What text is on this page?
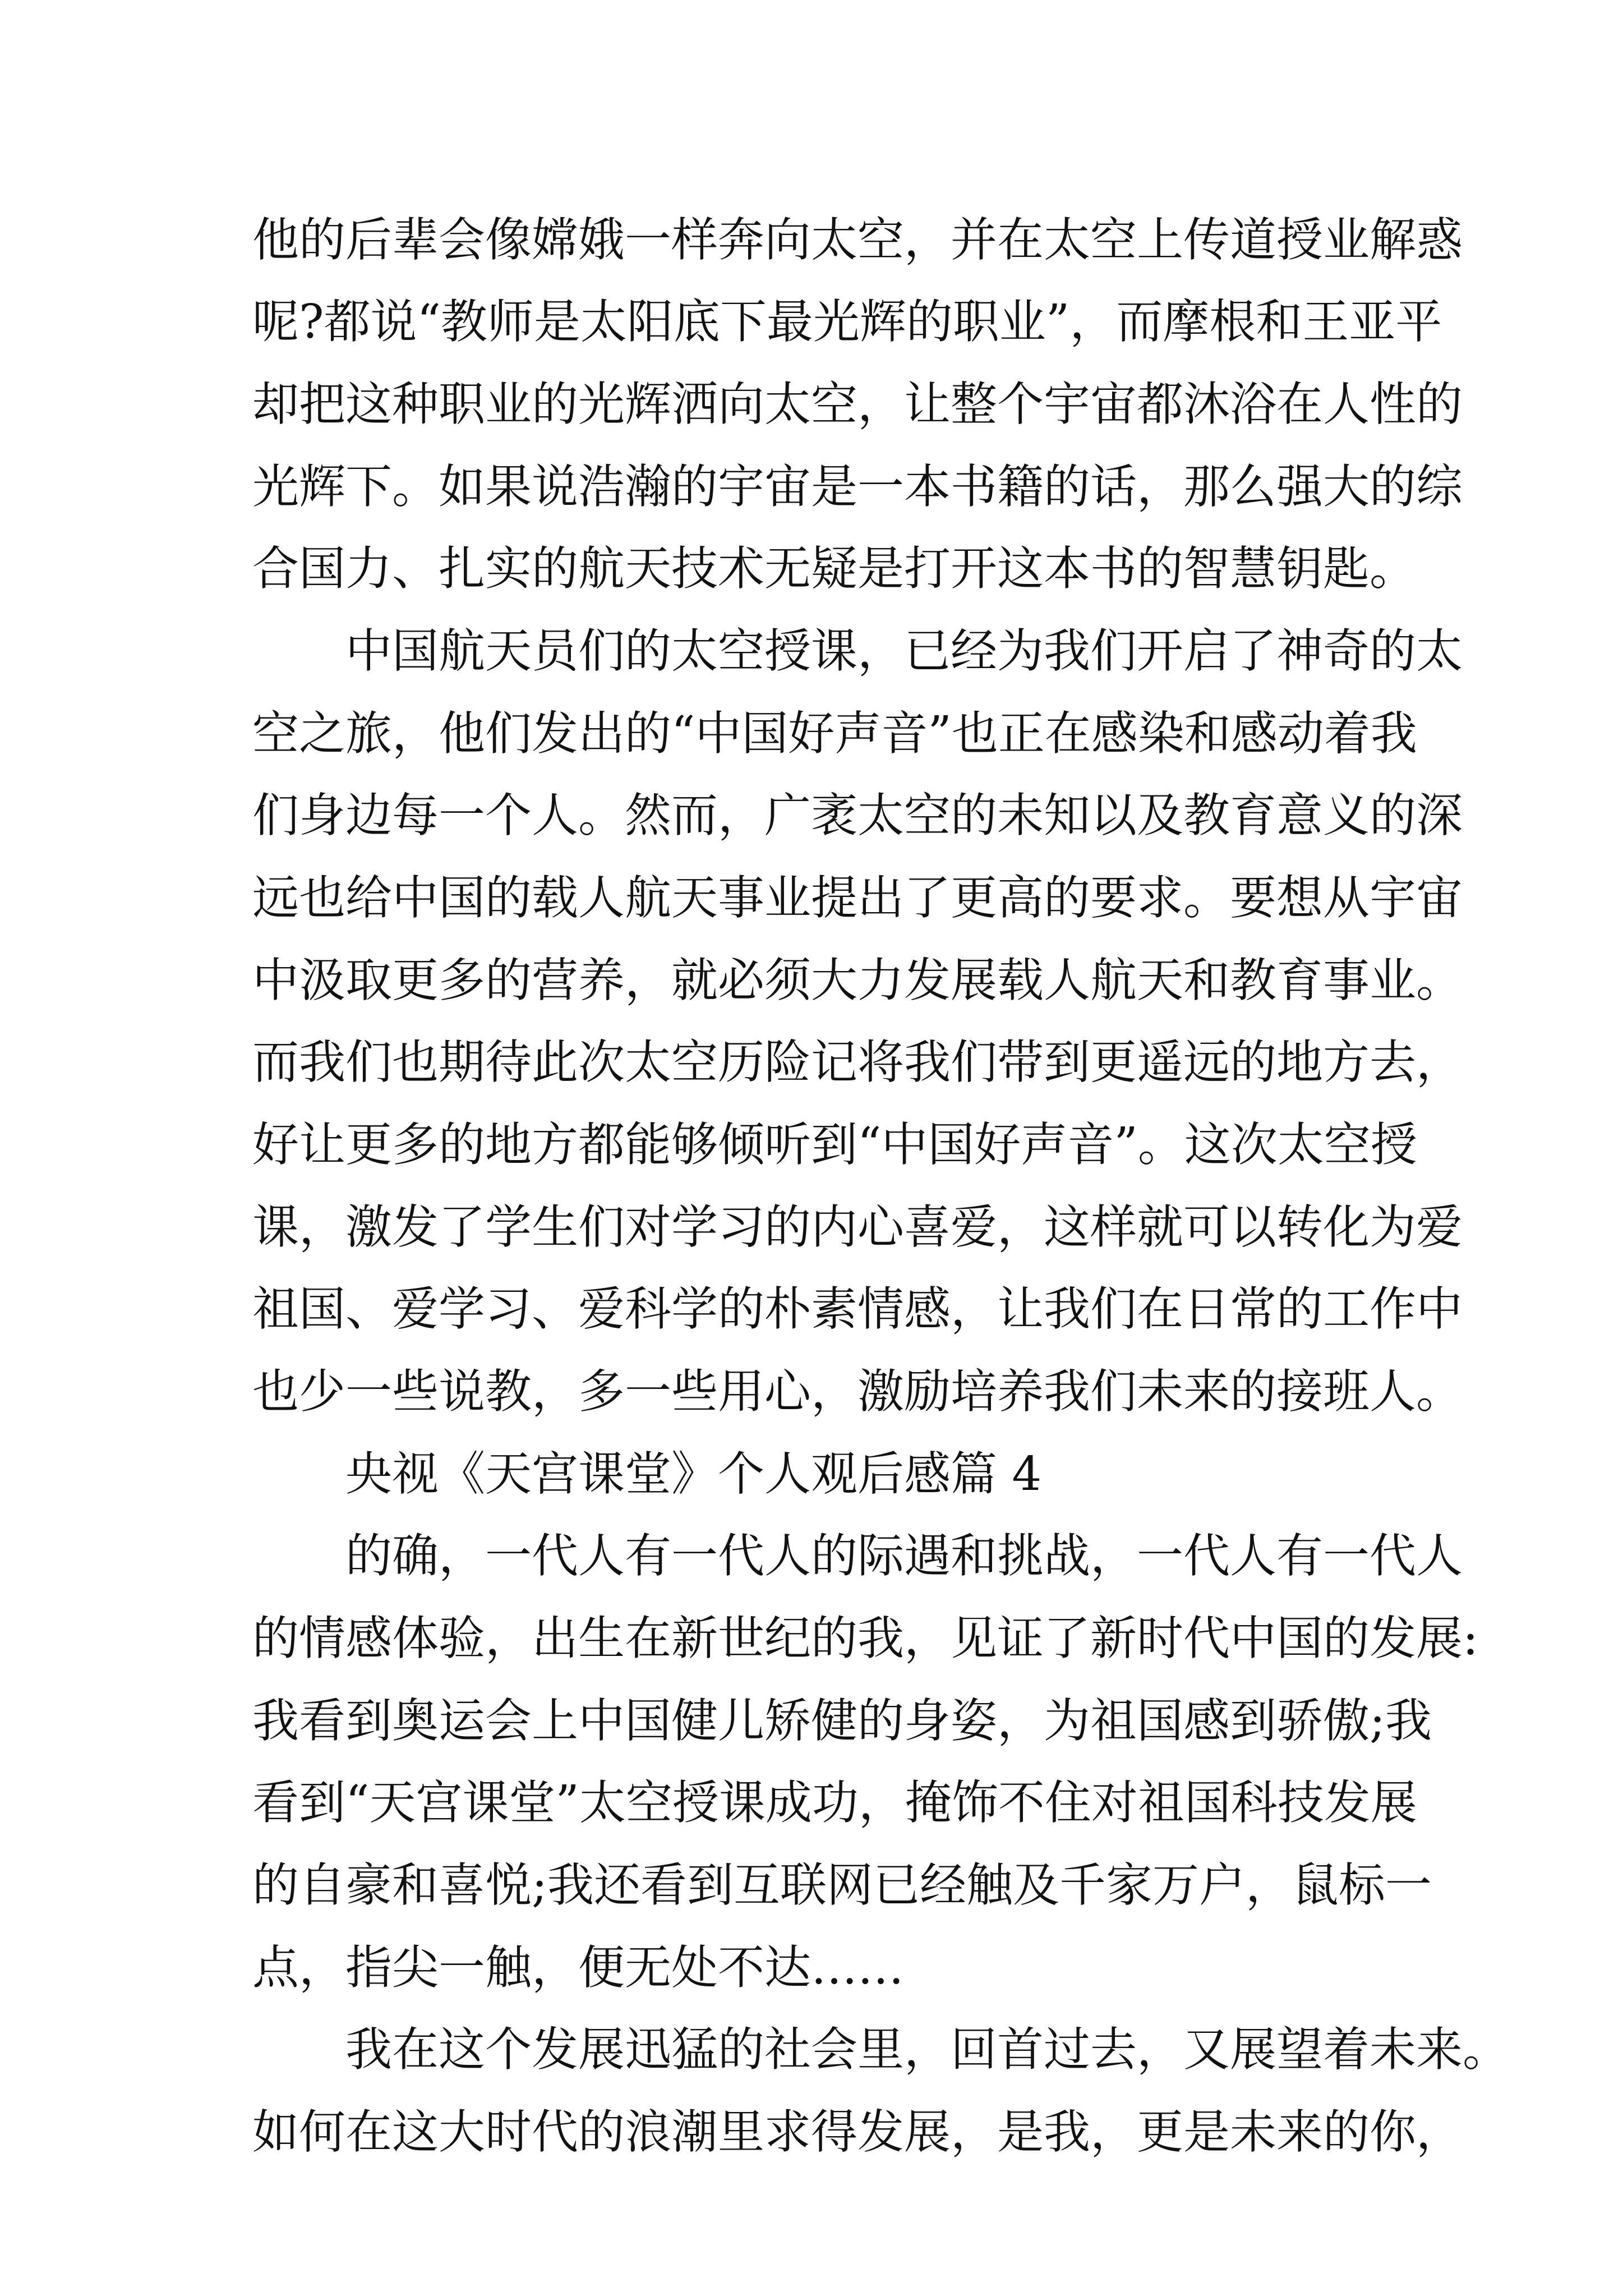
他的后辈会像嫦娥一样奔向太空，并在太空上传道授业解惑
呢?都说“教师是太阳底下最光辉的职业”，而摩根和王亚平
却把这种职业的光辉洒向太空，让整个宇宙都沐浴在人性的
光辉下。如果说浩瀚的宇宙是一本书籍的话，那么强大的综
合国力、扎实的航天技术无疑是打开这本书的智慧钥匙。
中国航天员们的太空授课，已经为我们开启了神奇的太
空之旅，他们发出的“中国好声音”也正在感染和感动着我
们身边每一个人。然而，广袤太空的未知以及教育意义的深
远也给中国的载人航天事业提出了更高的要求。要想从宇宙
中汲取更多的营养，就必须大力发展载人航天和教育事业。
而我们也期待此次太空历险记将我们带到更遥远的地方去，
好让更多的地方都能够倾听到“中国好声音”。这次太空授
课，激发了学生们对学习的内心喜爱，这样就可以转化为爱
祖国、爱学习、爱科学的朴素情感，让我们在日常的工作中
也少一些说教，多一些用心，激励培养我们未来的接班人。
央视《天宫课堂》个人观后感篇 4
的确，一代人有一代人的际遇和挑战，一代人有一代人
的情感体验，出生在新世纪的我，见证了新时代中国的发展:
我看到奥运会上中国健儿矫健的身姿，为祖国感到骄傲;我
看到“天宫课堂”太空授课成功，掩饰不住对祖国科技发展
的自豪和喜悦;我还看到互联网已经触及千家万户，鼠标一
点，指尖一触，便无处不达……
我在这个发展迅猛的社会里，回首过去，又展望着未来。
如何在这大时代的浪潮里求得发展，是我，更是未来的你，
